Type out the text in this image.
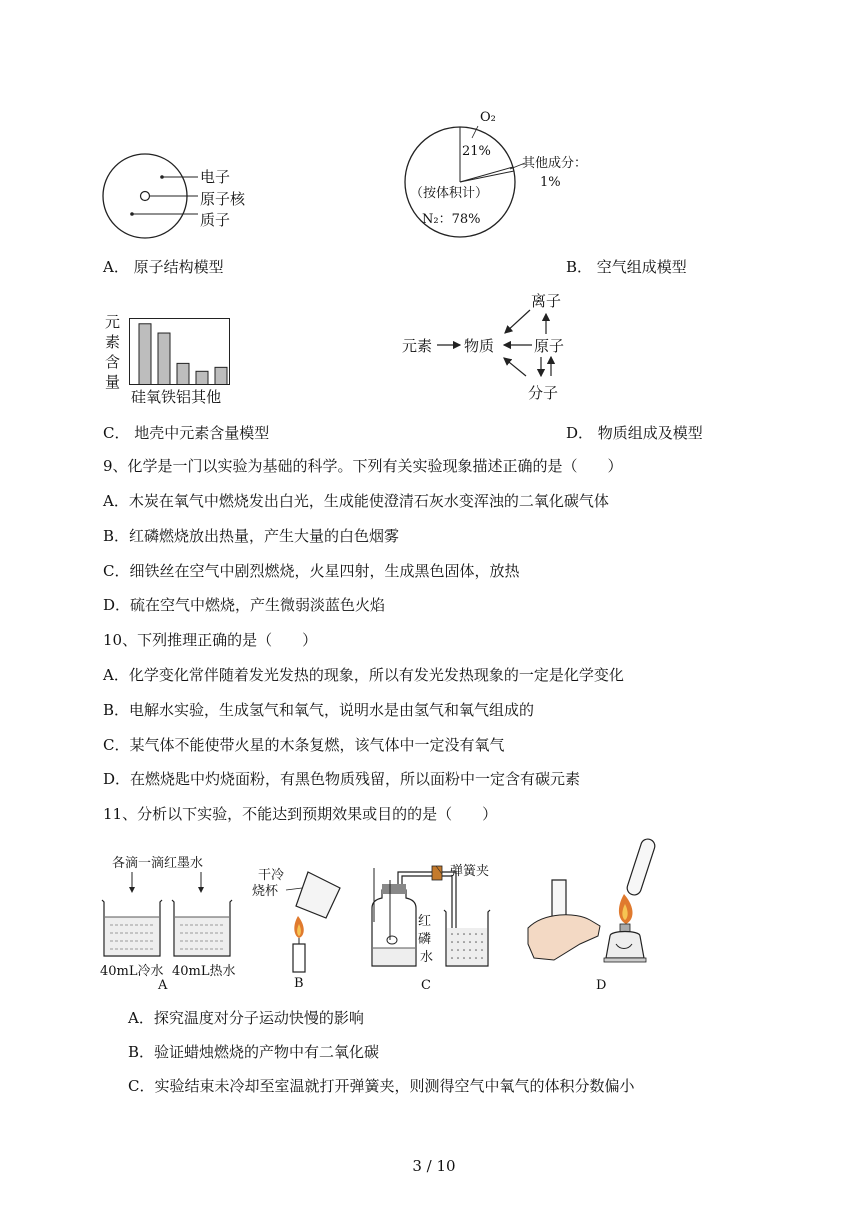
电子
原子核
质子
A． 原子结构模型
O₂
21%
其他成分：
1%
（按体积计）
N₂：78%
B． 空气组成模型
元
素
含
量
硅氧铁铝其他
C． 地壳中元素含量模型
元素 物质
离子
原子
分子
D． 物质组成及模型
9、化学是一门以实验为基础的科学。下列有关实验现象描述正确的是（　　）
A．木炭在氧气中燃烧发出白光，生成能使澄清石灰水变浑浊的二氧化碳气体
B．红磷燃烧放出热量，产生大量的白色烟雾
C．细铁丝在空气中剧烈燃烧，火星四射，生成黑色固体，放热
D．硫在空气中燃烧，产生微弱淡蓝色火焰
10、下列推理正确的是（　　）
A．化学变化常伴随着发光发热的现象，所以有发光发热现象的一定是化学变化
B．电解水实验，生成氢气和氧气，说明水是由氢气和氧气组成的
C．某气体不能使带火星的木条复燃，该气体中一定没有氧气
D．在燃烧匙中灼烧面粉，有黑色物质残留，所以面粉中一定含有碳元素
11、分析以下实验，不能达到预期效果或目的的是（　　）
各滴一滴红墨水
40mL冷水 40mL热水
A
干冷
烧杯
B
弹簧夹
红
磷
水
C	D
A．探究温度对分子运动快慢的影响
B．验证蜡烛燃烧的产物中有二氧化碳
C．实验结束未冷却至室温就打开弹簧夹，则测得空气中氧气的体积分数偏小
3 / 10
